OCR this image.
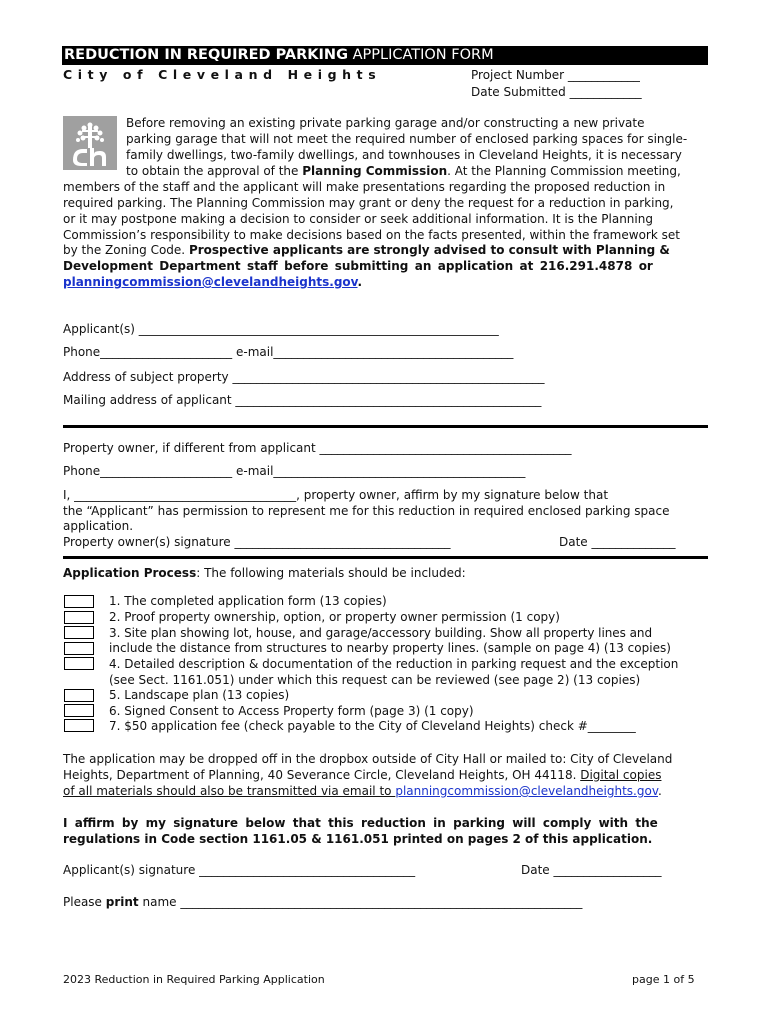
REDUCTION IN REQUIRED PARKING APPLICATION FORM
City of Cleveland Heights	Project Number ____________
Date Submitted ____________
Before removing an existing private parking garage and/or constructing a new private
parking garage that will not meet the required number of enclosed parking spaces for single-
family dwellings, two-family dwellings, and townhouses in Cleveland Heights, it is necessary
to obtain the approval of the Planning Commission. At the Planning Commission meeting,
members of the staff and the applicant will make presentations regarding the proposed reduction in
required parking. The Planning Commission may grant or deny the request for a reduction in parking,
or it may postpone making a decision to consider or seek additional information. It is the Planning
Commission’s responsibility to make decisions based on the facts presented, within the framework set
by the Zoning Code. Prospective applicants are strongly advised to consult with Planning &
Development Department staff before submitting an application at 216.291.4878 or
planningcommission@clevelandheights.gov.
Applicant(s) ____________________________________________________________
Phone______________________ e-mail________________________________________
Address of subject property ____________________________________________________
Mailing address of applicant ___________________________________________________
Property owner, if different from applicant __________________________________________
Phone______________________ e-mail__________________________________________
I, _____________________________________, property owner, affirm by my signature below that
the “Applicant” has permission to represent me for this reduction in required enclosed parking space
application.
Property owner(s) signature ____________________________________	Date ______________
Application Process: The following materials should be included:
1. The completed application form (13 copies)
2. Proof property ownership, option, or property owner permission (1 copy)
3. Site plan showing lot, house, and garage/accessory building. Show all property lines and
include the distance from structures to nearby property lines. (sample on page 4) (13 copies)
4. Detailed description & documentation of the reduction in parking request and the exception
(see Sect. 1161.051) under which this request can be reviewed (see page 2) (13 copies)
5. Landscape plan (13 copies)
6. Signed Consent to Access Property form (page 3) (1 copy)
7. $50 application fee (check payable to the City of Cleveland Heights) check #________
The application may be dropped off in the dropbox outside of City Hall or mailed to: City of Cleveland
Heights, Department of Planning, 40 Severance Circle, Cleveland Heights, OH 44118. Digital copies
of all materials should also be transmitted via email to planningcommission@clevelandheights.gov.
I affirm by my signature below that this reduction in parking will comply with the
regulations in Code section 1161.05 & 1161.051 printed on pages 2 of this application.
Applicant(s) signature ____________________________________	Date __________________
Please print name ___________________________________________________________________
2023 Reduction in Required Parking Application	page 1 of 5
